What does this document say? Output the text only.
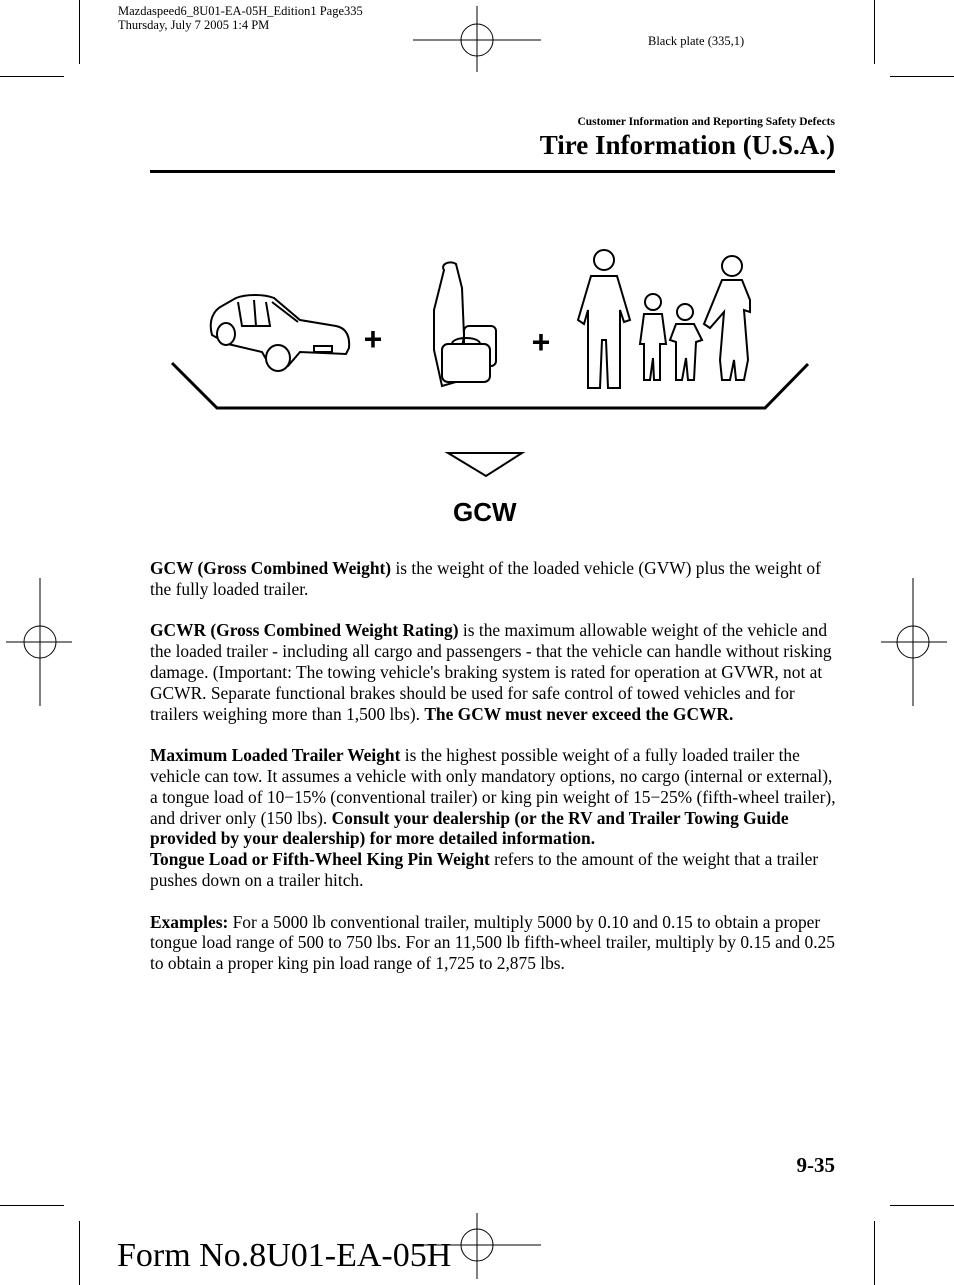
Mazdaspeed6_8U01-EA-05H_Edition1 Page335
Thursday, July 7 2005 1:4 PM
Black plate (335,1)
Customer Information and Reporting Safety Defects
Tire Information (U.S.A.)
+	+
GCW

GCW (Gross Combined Weight) is the weight of the loaded vehicle (GVW) plus the weight of the fully loaded trailer.

GCWR (Gross Combined Weight Rating) is the maximum allowable weight of the vehicle and the loaded trailer - including all cargo and passengers - that the vehicle can handle without risking damage. (Important: The towing vehicle's braking system is rated for operation at GVWR, not at GCWR. Separate functional brakes should be used for safe control of towed vehicles and for trailers weighing more than 1,500 lbs). The GCW must never exceed the GCWR.

Maximum Loaded Trailer Weight is the highest possible weight of a fully loaded trailer the vehicle can tow. It assumes a vehicle with only mandatory options, no cargo (internal or external), a tongue load of 10−15% (conventional trailer) or king pin weight of 15−25% (fifth-wheel trailer), and driver only (150 lbs). Consult your dealership (or the RV and Trailer Towing Guide provided by your dealership) for more detailed information.
Tongue Load or Fifth-Wheel King Pin Weight refers to the amount of the weight that a trailer pushes down on a trailer hitch.

Examples: For a 5000 lb conventional trailer, multiply 5000 by 0.10 and 0.15 to obtain a proper tongue load range of 500 to 750 lbs. For an 11,500 lb fifth-wheel trailer, multiply by 0.15 and 0.25 to obtain a proper king pin load range of 1,725 to 2,875 lbs.

9-35
Form No.8U01-EA-05H
